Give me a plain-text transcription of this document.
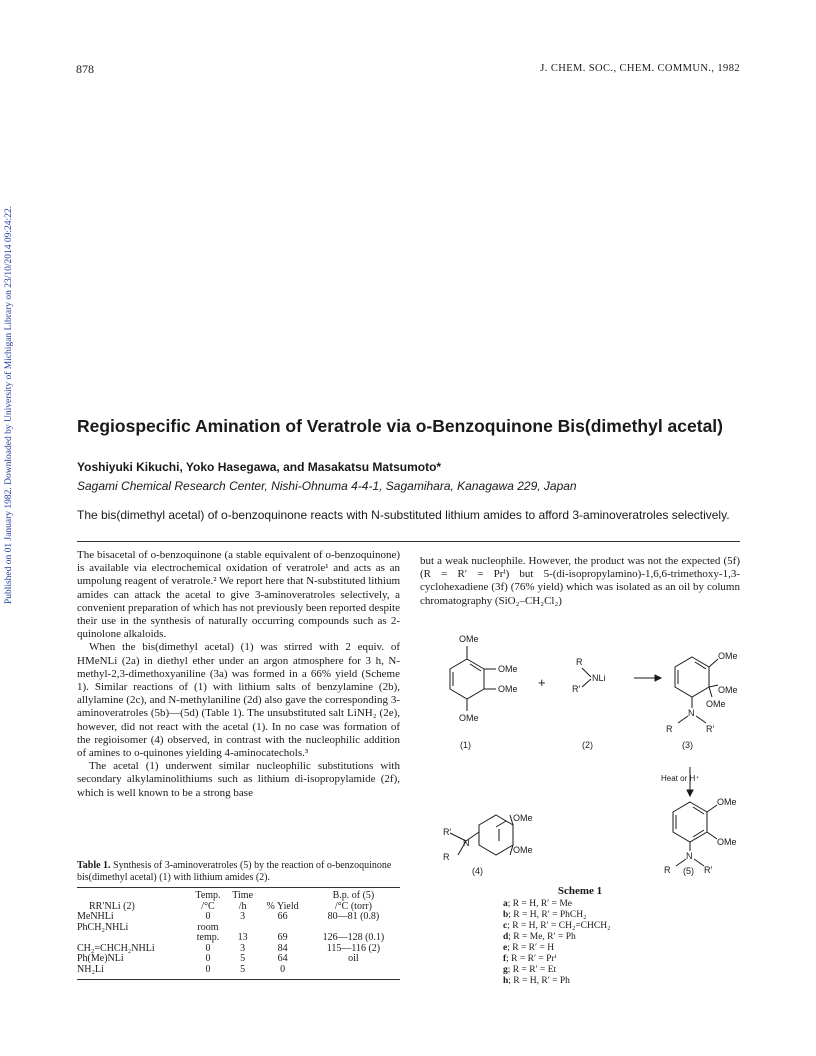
878	J. CHEM. SOC., CHEM. COMMUN., 1982
Published on 01 January 1982. Downloaded by University of Michigan Library on 23/10/2014 09:24:22.	Regiospecific Amination of Veratrole via o-Benzoquinone Bis(dimethyl acetal)
Yoshiyuki Kikuchi, Yoko Hasegawa, and Masakatsu Matsumoto*
Sagami Chemical Research Center, Nishi-Ohnuma 4-4-1, Sagamihara, Kanagawa 229, Japan
The bis(dimethyl acetal) of o-benzoquinone reacts with N-substituted lithium amides to afford 3-aminoveratroles selectively.

The bisacetal of o-benzoquinone (a stable equivalent of o-benzoquinone) is available via electrochemical oxidation of veratrole¹ and acts as an umpolung reagent of veratrole.² We report here that N-substituted lithium amides can attack the acetal to give 3-aminoveratroles selectively, a convenient preparation of which has not previously been reported despite their use in the synthesis of naturally occurring compounds such as 2-quinolone alkaloids.

When the bis(dimethyl acetal) (1) was stirred with 2 equiv. of HMeNLi (2a) in diethyl ether under an argon atmosphere for 3 h, N-methyl-2,3-dimethoxyaniline (3a) was formed in a 66% yield (Scheme 1). Similar reactions of (1) with lithium salts of benzylamine (2b), allylamine (2c), and N-methylaniline (2d) also gave the corresponding 3-aminoveratroles (5b)—(5d) (Table 1). The unsubstituted salt LiNH₂ (2e), however, did not react with the acetal (1). In no case was formation of the regioisomer (4) observed, in contrast with the nucleophilic addition of amines to o-quinones yielding 4-aminocatechols.³

The acetal (1) underwent similar nucleophilic substitutions with secondary alkylaminolithiums such as lithium di-isopropylamide (2f), which is well known to be a strong base

but a weak nucleophile. However, the product was not the expected (5f) (R = R′ = Prⁱ) but 5-(di-isopropylamino)-1,6,6-trimethoxy-1,3-cyclohexadiene (3f) (76% yield) which was isolated as an oil by column chromatography (SiO₂–CH₂Cl₂)

OMe
OMe
OMe
OMe
(1)
+
R
R′
NLi
(2)
OMe
OMe
OMe
N
R	R′
(3)
Heat or H⁺
OMe
OMe
R′
N
R
(4)
OMe
OMe
N
R	R′
(5)

Table 1. Synthesis of 3-aminoveratroles (5) by the reaction of o-benzoquinone bis(dimethyl acetal) (1) with lithium amides (2).

	Temp.	Time		B.p. of (5)
RR′NLi (2)	/°C	/h	% Yield	/°C (torr)
MeNHLi	0	3	66	80—81 (0.8)
PhCH₂NHLi	room			
	temp.	13	69	126—128 (0.1)
CH₂=CHCH₂NHLi	0	3	84	115—116 (2)
Ph(Me)NLi	0	5	64	oil
NH₂Li	0	5	0	
Scheme 1
a; R = H, R′ = Me
b; R = H, R′ = PhCH₂
c; R = H, R′ = CH₂=CHCH₂
d; R = Me, R′ = Ph
e; R = R′ = H
f; R = R′ = Prⁱ
g; R = R′ = Et
h; R = H, R′ = Ph
